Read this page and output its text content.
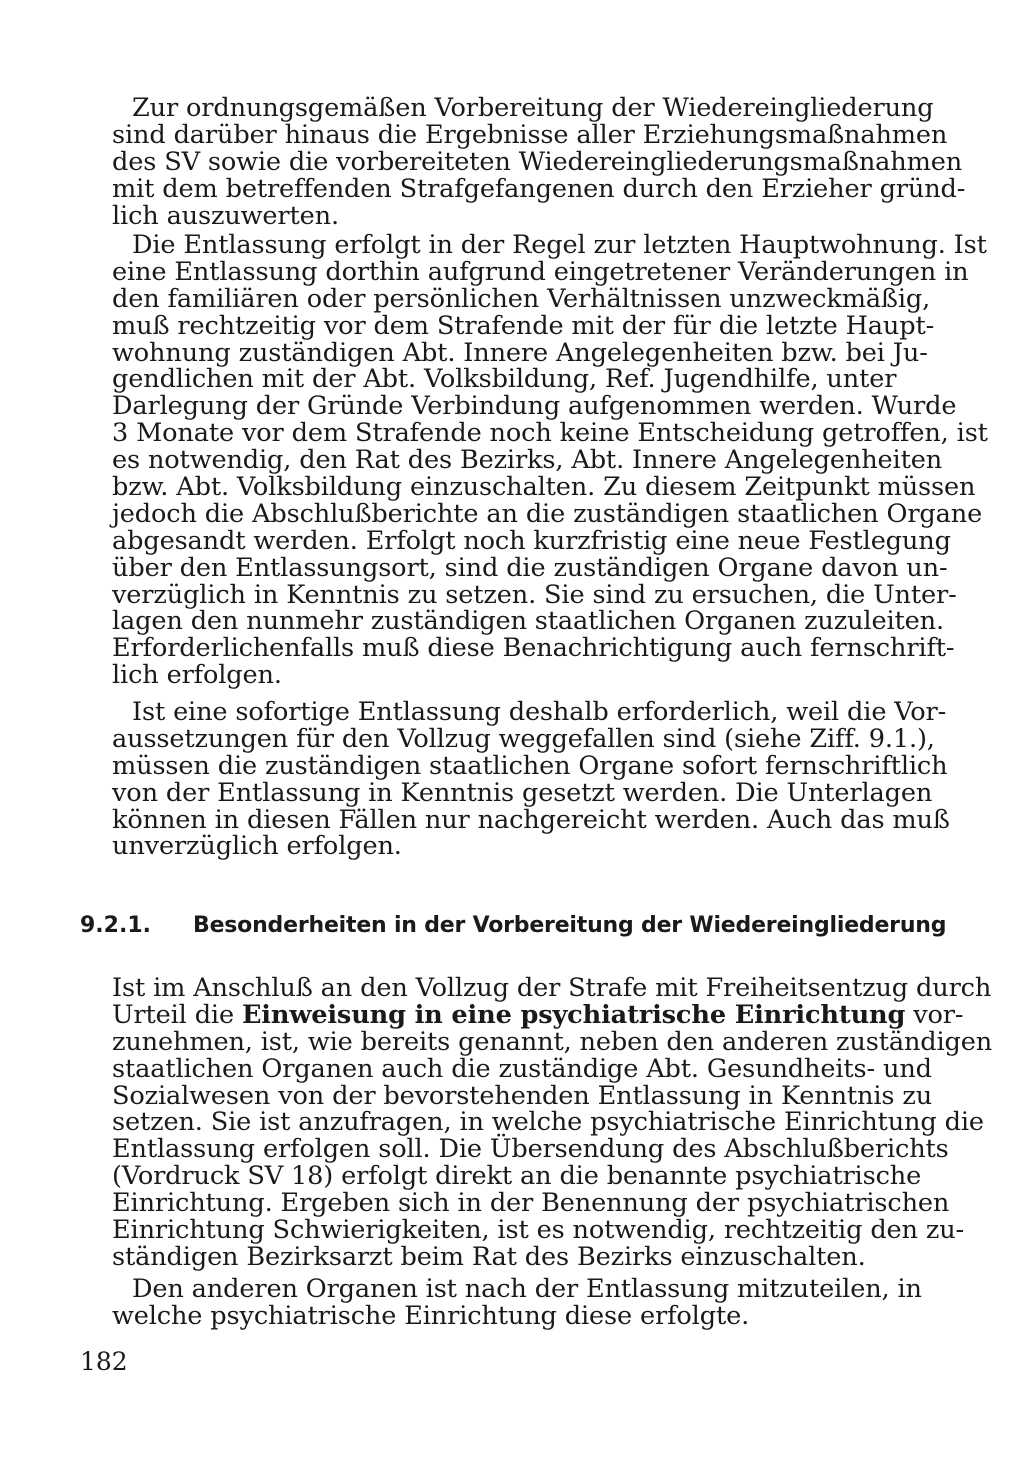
Zur ordnungsgemäßen Vorbereitung der Wiedereingliederung
sind darüber hinaus die Ergebnisse aller Erziehungsmaßnahmen
des SV sowie die vorbereiteten Wiedereingliederungsmaßnahmen
mit dem betreffenden Strafgefangenen durch den Erzieher gründ-
lich auszuwerten.
Die Entlassung erfolgt in der Regel zur letzten Hauptwohnung. Ist
eine Entlassung dorthin aufgrund eingetretener Veränderungen in
den familiären oder persönlichen Verhältnissen unzweckmäßig,
muß rechtzeitig vor dem Strafende mit der für die letzte Haupt-
wohnung zuständigen Abt. Innere Angelegenheiten bzw. bei Ju-
gendlichen mit der Abt. Volksbildung, Ref. Jugendhilfe, unter
Darlegung der Gründe Verbindung aufgenommen werden. Wurde
3 Monate vor dem Strafende noch keine Entscheidung getroffen, ist
es notwendig, den Rat des Bezirks, Abt. Innere Angelegenheiten
bzw. Abt. Volksbildung einzuschalten. Zu diesem Zeitpunkt müssen
jedoch die Abschlußberichte an die zuständigen staatlichen Organe
abgesandt werden. Erfolgt noch kurzfristig eine neue Festlegung
über den Entlassungsort, sind die zuständigen Organe davon un-
verzüglich in Kenntnis zu setzen. Sie sind zu ersuchen, die Unter-
lagen den nunmehr zuständigen staatlichen Organen zuzuleiten.
Erforderlichenfalls muß diese Benachrichtigung auch fernschrift-
lich erfolgen.
Ist eine sofortige Entlassung deshalb erforderlich, weil die Vor-
aussetzungen für den Vollzug weggefallen sind (siehe Ziff. 9.1.),
müssen die zuständigen staatlichen Organe sofort fernschriftlich
von der Entlassung in Kenntnis gesetzt werden. Die Unterlagen
können in diesen Fällen nur nachgereicht werden. Auch das muß
unverzüglich erfolgen.
9.2.1. Besonderheiten in der Vorbereitung der Wiedereingliederung
Ist im Anschluß an den Vollzug der Strafe mit Freiheitsentzug durch
Urteil die Einweisung in eine psychiatrische Einrichtung vor-
zunehmen, ist, wie bereits genannt, neben den anderen zuständigen
staatlichen Organen auch die zuständige Abt. Gesundheits- und
Sozialwesen von der bevorstehenden Entlassung in Kenntnis zu
setzen. Sie ist anzufragen, in welche psychiatrische Einrichtung die
Entlassung erfolgen soll. Die Übersendung des Abschlußberichts
(Vordruck SV 18) erfolgt direkt an die benannte psychiatrische
Einrichtung. Ergeben sich in der Benennung der psychiatrischen
Einrichtung Schwierigkeiten, ist es notwendig, rechtzeitig den zu-
ständigen Bezirksarzt beim Rat des Bezirks einzuschalten.
Den anderen Organen ist nach der Entlassung mitzuteilen, in
welche psychiatrische Einrichtung diese erfolgte.
182
